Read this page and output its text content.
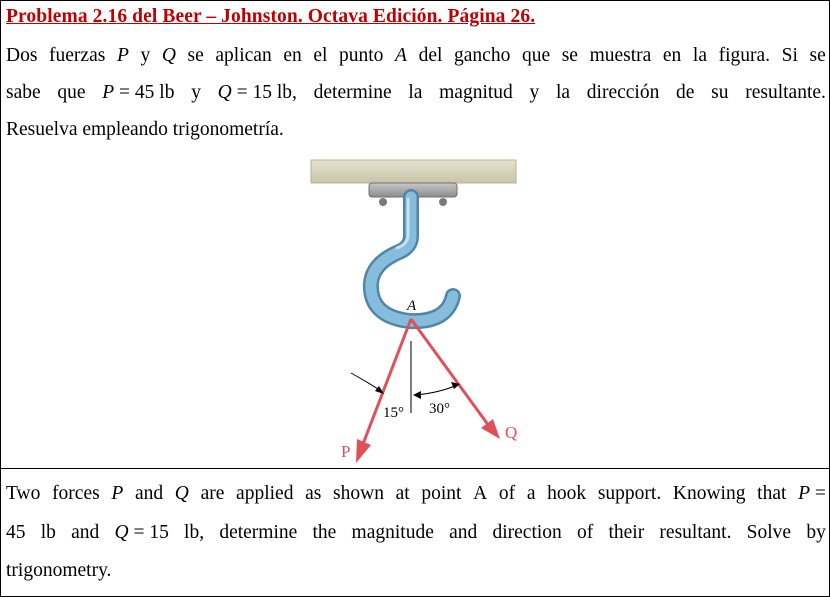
Problema 2.16 del Beer – Johnston. Octava Edición. Página 26.
Dos fuerzas P y Q se aplican en el punto A del gancho que se muestra en la figura. Si se
sabe que P = 45 lb y Q = 15 lb, determine la magnitud y la dirección de su resultante.
Resuelva empleando trigonometría.
A
15° 30°
P
Q
Two forces P and Q are applied as shown at point A of a hook support. Knowing that P =
45 lb and Q = 15 lb, determine the magnitude and direction of their resultant. Solve by
trigonometry.
